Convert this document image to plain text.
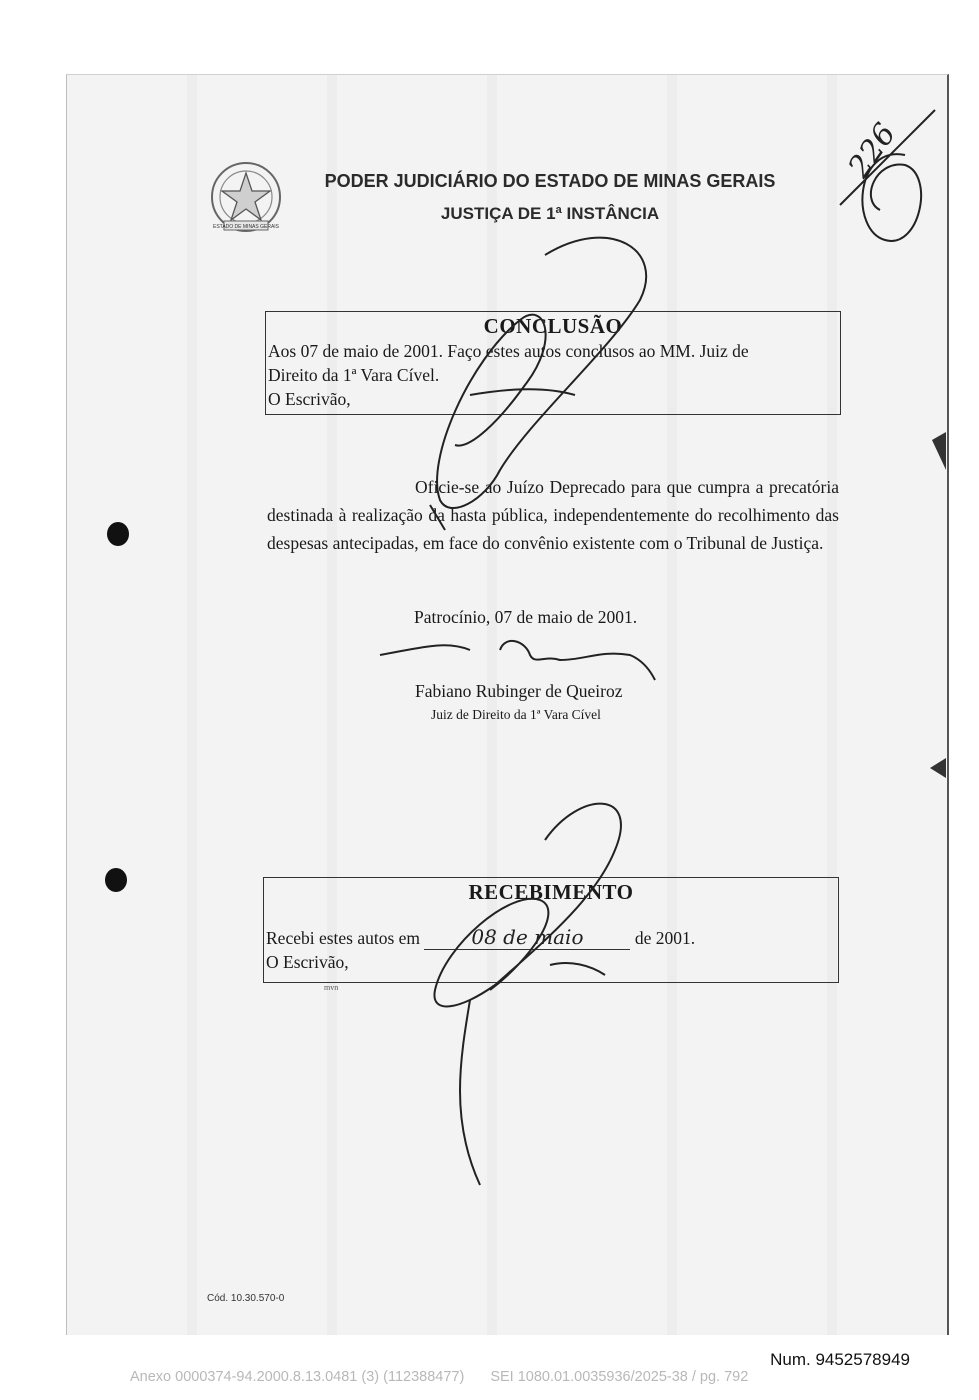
ESTADO DE MINAS GERAIS
PODER JUDICIÁRIO DO ESTADO DE MINAS GERAIS
JUSTIÇA DE 1ª INSTÂNCIA
CONCLUSÃO
Aos 07 de maio de 2001. Faço estes autos conclusos ao MM. Juiz de
Direito da 1ª Vara Cível.
O Escrivão,
Oficie-se ao Juízo Deprecado para que cumpra a precatória destinada à realização da hasta pública, independentemente do recolhimento das despesas antecipadas, em face do convênio existente com o Tribunal de Justiça.
Patrocínio, 07 de maio de 2001.
Fabiano Rubinger de Queiroz
Juiz de Direito da 1ª Vara Cível
RECEBIMENTO
Recebi estes autos em	08 de maio	de 2001.
O Escrivão,
mvn
Cód. 10.30.570-0
226
Num. 9452578949
Anexo 0000374-94.2000.8.13.0481 (3) (112388477) SEI 1080.01.0035936/2025-38 / pg. 792
